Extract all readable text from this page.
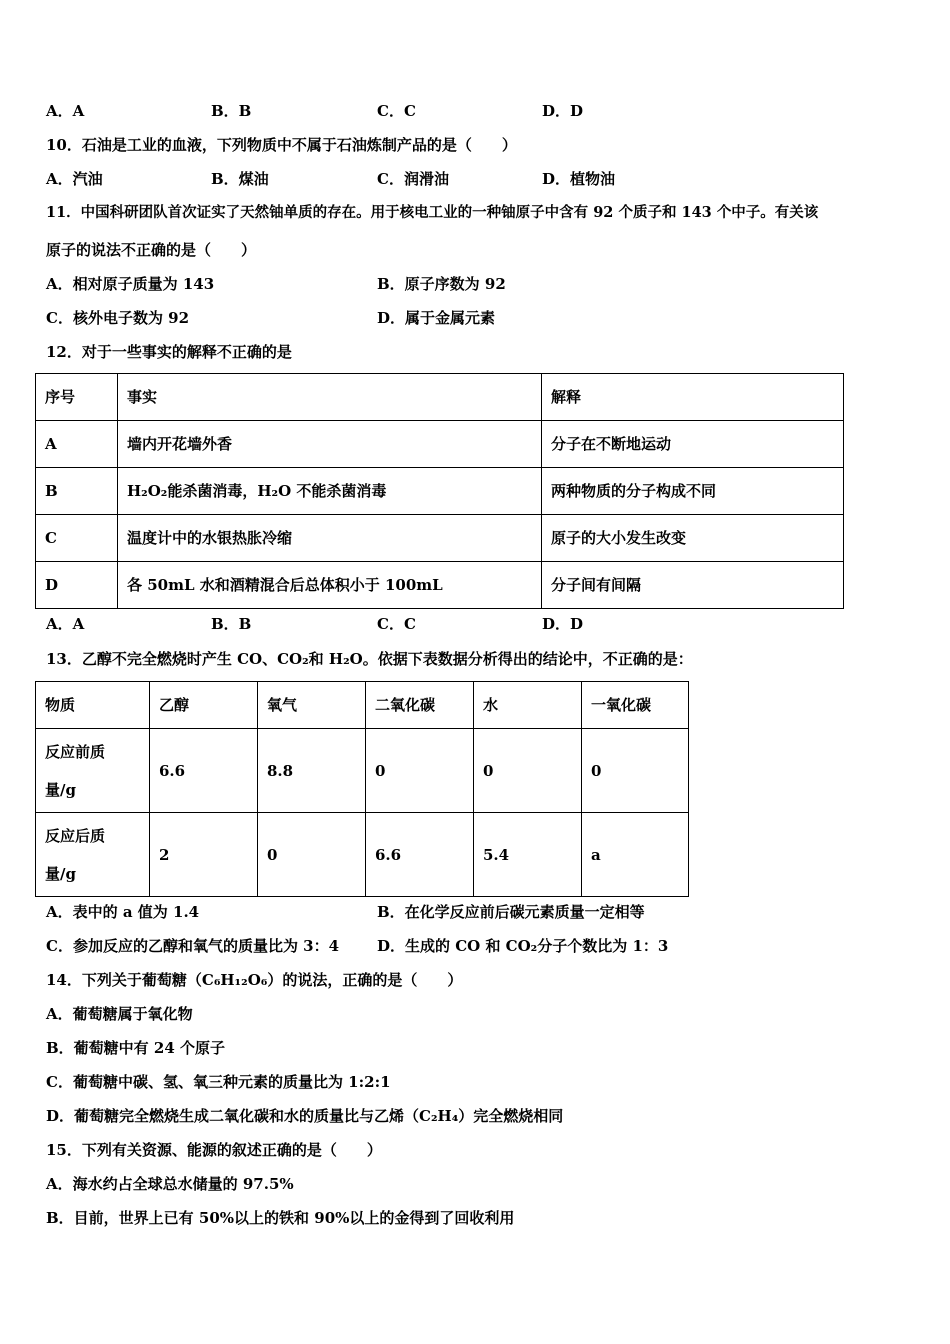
A．A	B．B	C．C	D．D
10．石油是工业的血液，下列物质中不属于石油炼制产品的是（　　）
A．汽油	B．煤油	C．润滑油	D．植物油
11．中国科研团队首次证实了天然铀单质的存在。用于核电工业的一种铀原子中含有 92 个质子和 143 个中子。有关该
原子的说法不正确的是（　　）
A．相对原子质量为 143	B．原子序数为 92
C．核外电子数为 92	D．属于金属元素
12．对于一些事实的解释不正确的是
序号	事实	解释
A	墙内开花墙外香	分子在不断地运动
B	H₂O₂能杀菌消毒，H₂O 不能杀菌消毒	两种物质的分子构成不同
C	温度计中的水银热胀冷缩	原子的大小发生改变
D	各 50mL 水和酒精混合后总体积小于 100mL	分子间有间隔
A．A	B．B	C．C	D．D
13．乙醇不完全燃烧时产生 CO、CO₂和 H₂O。依据下表数据分析得出的结论中，不正确的是：
物质	乙醇	氧气	二氧化碳	水	一氧化碳

反应前质
量/g	6.6	8.8	0	0	0

反应后质
量/g	2	0	6.6	5.4	a
A．表中的 a 值为 1.4	B．在化学反应前后碳元素质量一定相等
C．参加反应的乙醇和氧气的质量比为 3：4	D．生成的 CO 和 CO₂分子个数比为 1：3
14．下列关于葡萄糖（C₆H₁₂O₆）的说法，正确的是（　　）
A．葡萄糖属于氧化物
B．葡萄糖中有 24 个原子
C．葡萄糖中碳、氢、氧三种元素的质量比为 1:2:1
D．葡萄糖完全燃烧生成二氧化碳和水的质量比与乙烯（C₂H₄）完全燃烧相同
15．下列有关资源、能源的叙述正确的是（　　）
A．海水约占全球总水储量的 97.5%
B．目前，世界上已有 50%以上的铁和 90%以上的金得到了回收利用
